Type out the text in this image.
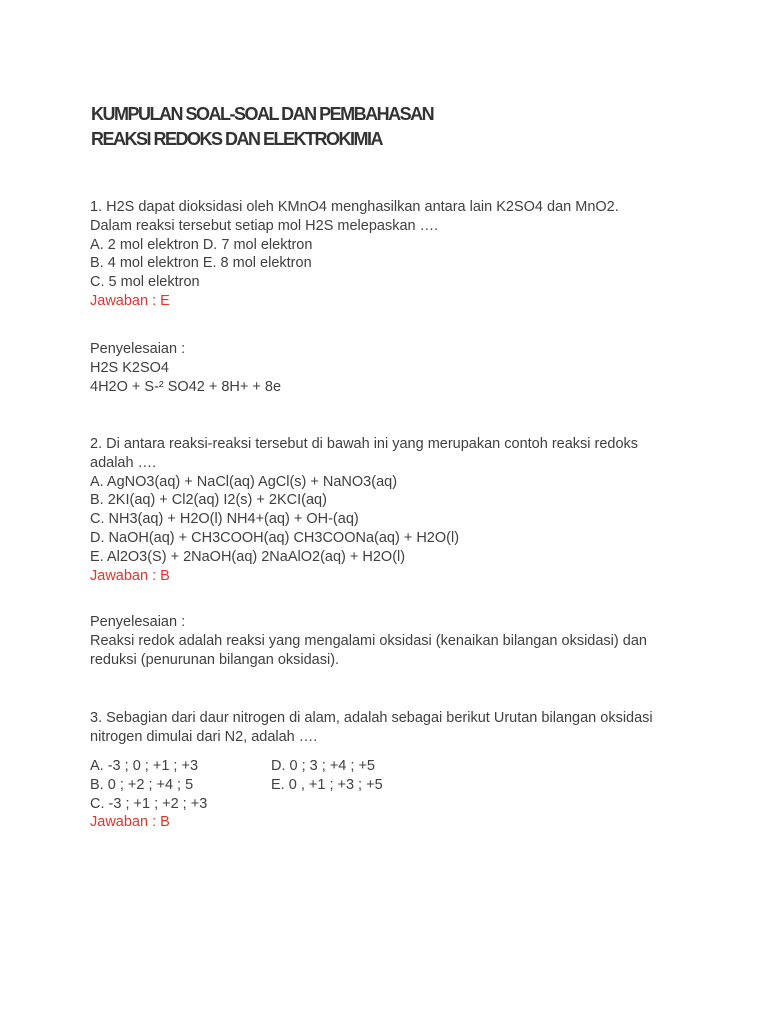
KUMPULAN SOAL-SOAL DAN PEMBAHASAN
REAKSI REDOKS DAN ELEKTROKIMIA
1. H2S dapat dioksidasi oleh KMnO4 menghasilkan antara lain K2SO4 dan MnO2.
Dalam reaksi tersebut setiap mol H2S melepaskan ….
A. 2 mol elektron D. 7 mol elektron
B. 4 mol elektron E. 8 mol elektron
C. 5 mol elektron
Jawaban : E
Penyelesaian :
H2S K2SO4
4H2O + S-² SO42 + 8H+ + 8e
2. Di antara reaksi-reaksi tersebut di bawah ini yang merupakan contoh reaksi redoks
adalah ….
A. AgNO3(aq) + NaCl(aq) AgCl(s) + NaNO3(aq)
B. 2KI(aq) + Cl2(aq) I2(s) + 2KCI(aq)
C. NH3(aq) + H2O(l) NH4+(aq) + OH-(aq)
D. NaOH(aq) + CH3COOH(aq) CH3COONa(aq) + H2O(l)
E. Al2O3(S) + 2NaOH(aq) 2NaAlO2(aq) + H2O(l)
Jawaban : B
Penyelesaian :
Reaksi redok adalah reaksi yang mengalami oksidasi (kenaikan bilangan oksidasi) dan
reduksi (penurunan bilangan oksidasi).
3. Sebagian dari daur nitrogen di alam, adalah sebagai berikut Urutan bilangan oksidasi
nitrogen dimulai dari N2, adalah ….
A. -3 ; 0 ; +1 ; +3	D. 0 ; 3 ; +4 ; +5
B. 0 ; +2 ; +4 ; 5	E. 0 , +1 ; +3 ; +5
C. -3 ; +1 ; +2 ; +3
Jawaban : B
